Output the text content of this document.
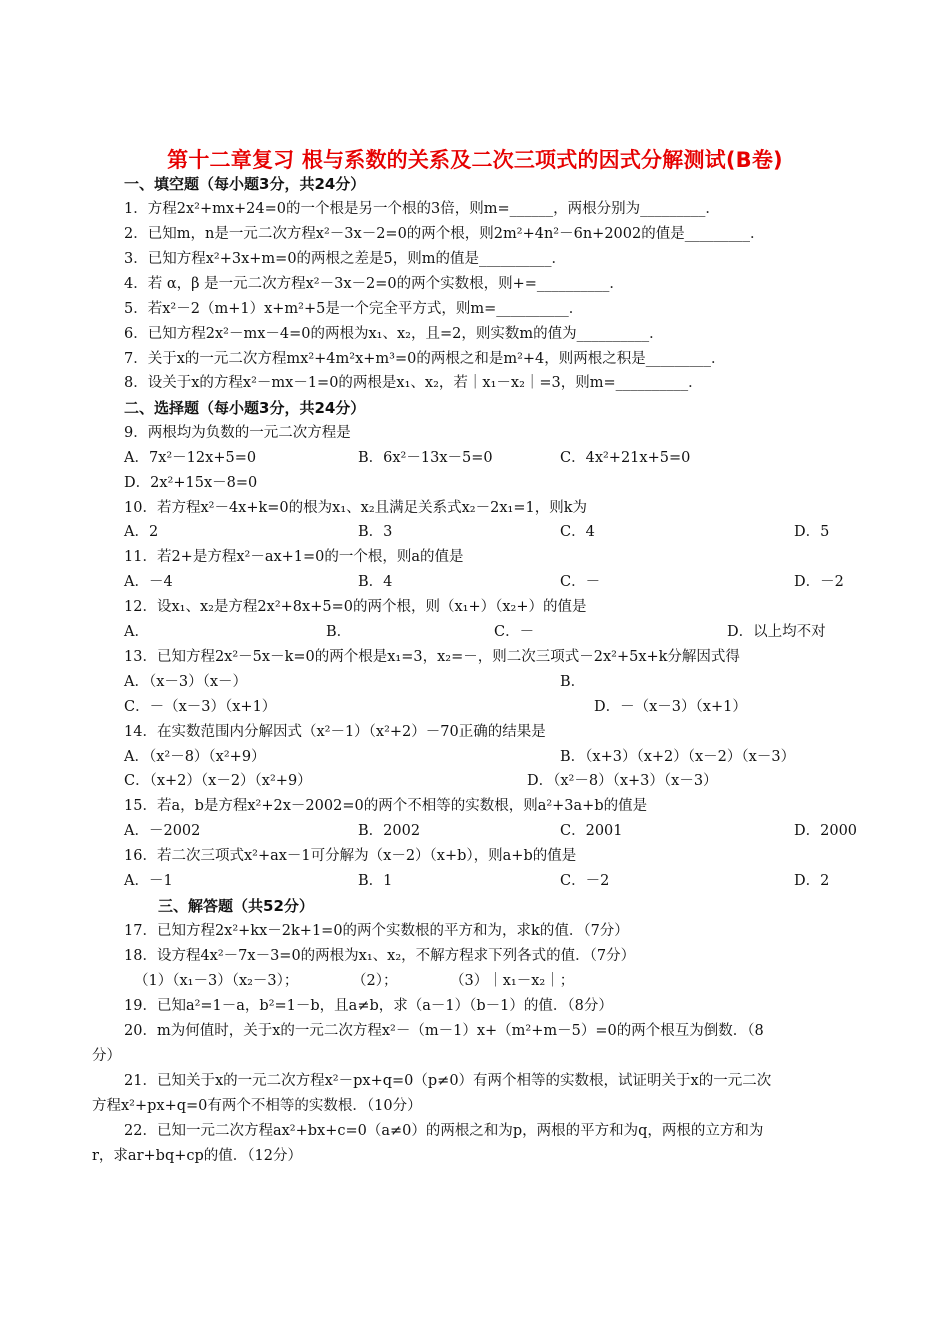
第十二章复习 根与系数的关系及二次三项式的因式分解测试(B卷)
一、填空题（每小题3分，共24分）
1．方程2x²+mx+24=0的一个根是另一个根的3倍，则m=______，两根分别为_________．
2．已知m，n是一元二次方程x²－3x－2=0的两个根，则2m²+4n²－6n+2002的值是_________．
3．已知方程x²+3x+m=0的两根之差是5，则m的值是__________．
4．若 α，β 是一元二次方程x²－3x－2=0的两个实数根，则+=__________．
5．若x²－2（m+1）x+m²+5是一个完全平方式，则m=__________．
6．已知方程2x²－mx－4=0的两根为x₁、x₂，且=2，则实数m的值为__________．
7．关于x的一元二次方程mx²+4m²x+m³=0的两根之和是m²+4，则两根之积是_________．
8．设关于x的方程x²－mx－1=0的两根是x₁、x₂，若｜x₁－x₂｜=3，则m=__________．
二、选择题（每小题3分，共24分）
9．两根均为负数的一元二次方程是
A．7x²－12x+5=0	B．6x²－13x－5=0	C．4x²+21x+5=0
D．2x²+15x－8=0
10．若方程x²－4x+k=0的根为x₁、x₂且满足关系式x₂－2x₁=1，则k为
A．2	B．3	C．4	D．5
11．若2+是方程x²－ax+1=0的一个根，则a的值是
A．－4	B．4	C．－	D．－2
12．设x₁、x₂是方程2x²+8x+5=0的两个根，则（x₁+）（x₂+）的值是
A．	B．	C．－	D．以上均不对
13．已知方程2x²－5x－k=0的两个根是x₁=3，x₂=－，则二次三项式－2x²+5x+k分解因式得
A．（x－3）（x－）	B．
C．－（x－3）（x+1）	D．－（x－3）（x+1）
14．在实数范围内分解因式（x²－1）（x²+2）－70正确的结果是
A．（x²－8）（x²+9）	B．（x+3）（x+2）（x－2）（x－3）
C．（x+2）（x－2）（x²+9）	D．（x²－8）（x+3）（x－3）
15．若a，b是方程x²+2x－2002=0的两个不相等的实数根，则a²+3a+b的值是
A．－2002	B．2002	C．2001	D．2000
16．若二次三项式x²+ax－1可分解为（x－2）（x+b），则a+b的值是
A．－1	B．1	C．－2	D．2
三、解答题（共52分）
17．已知方程2x²+kx－2k+1=0的两个实数根的平方和为，求k的值．（7分）
18．设方程4x²－7x－3=0的两根为x₁、x₂，不解方程求下列各式的值．（7分）
（1）（x₁－3）（x₂－3）；	（2）；	（3）｜x₁－x₂｜；
19．已知a²=1－a，b²=1－b，且a≠b，求（a－1）（b－1）的值．（8分）
20．m为何值时，关于x的一元二次方程x²－（m－1）x+（m²+m－5）=0的两个根互为倒数．（8
分）
21．已知关于x的一元二次方程x²－px+q=0（p≠0）有两个相等的实数根，试证明关于x的一元二次
方程x²+px+q=0有两个不相等的实数根．（10分）
22．已知一元二次方程ax²+bx+c=0（a≠0）的两根之和为p，两根的平方和为q，两根的立方和为
r，求ar+bq+cp的值．（12分）
